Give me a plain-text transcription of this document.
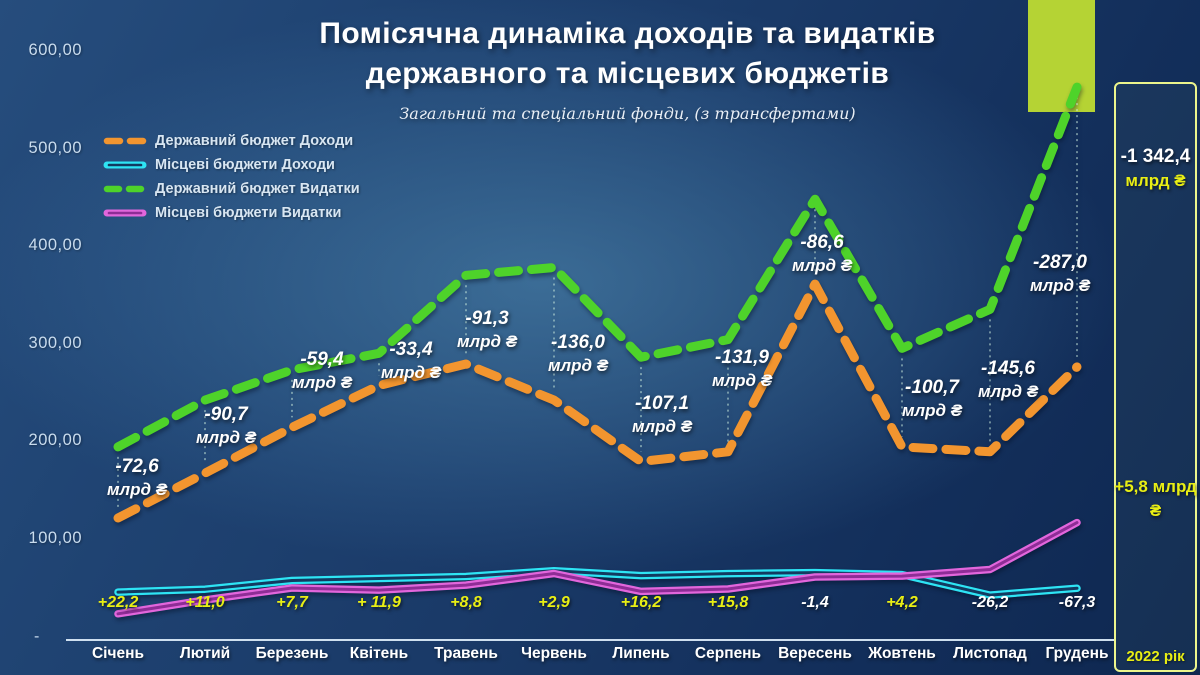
Помісячна динаміка доходів та видатків
державного та місцевих бюджетів
Загальний та спеціальний фонди, (з трансфертами)
Державний бюджет Доходи
Місцеві бюджети Доходи
Державний бюджет Видатки
Місцеві бюджети Видатки
600,00
500,00
400,00
300,00
200,00
100,00
-
-72,6
млрд ₴
-90,7
млрд ₴
-59,4
млрд ₴
-33,4
млрд ₴
-91,3
млрд ₴ -136,0
млрд ₴
-107,1
млрд ₴
-131,9
млрд ₴
-86,6
млрд ₴
-100,7
млрд ₴
-145,6
млрд ₴
-287,0
млрд ₴
+22,2	+11,0	+7,7	+ 11,9	+8,8	+2,9	+16,2	+15,8	-1,4	+4,2	-26,2	-67,3
Січень	Лютий	Березень	Квітень	Травень	Червень	Липень	Серпень	Вересень	Жовтень	Листопад	Грудень
-1 342,4
млрд ₴
+5,8 млрд
₴
2022 рік
